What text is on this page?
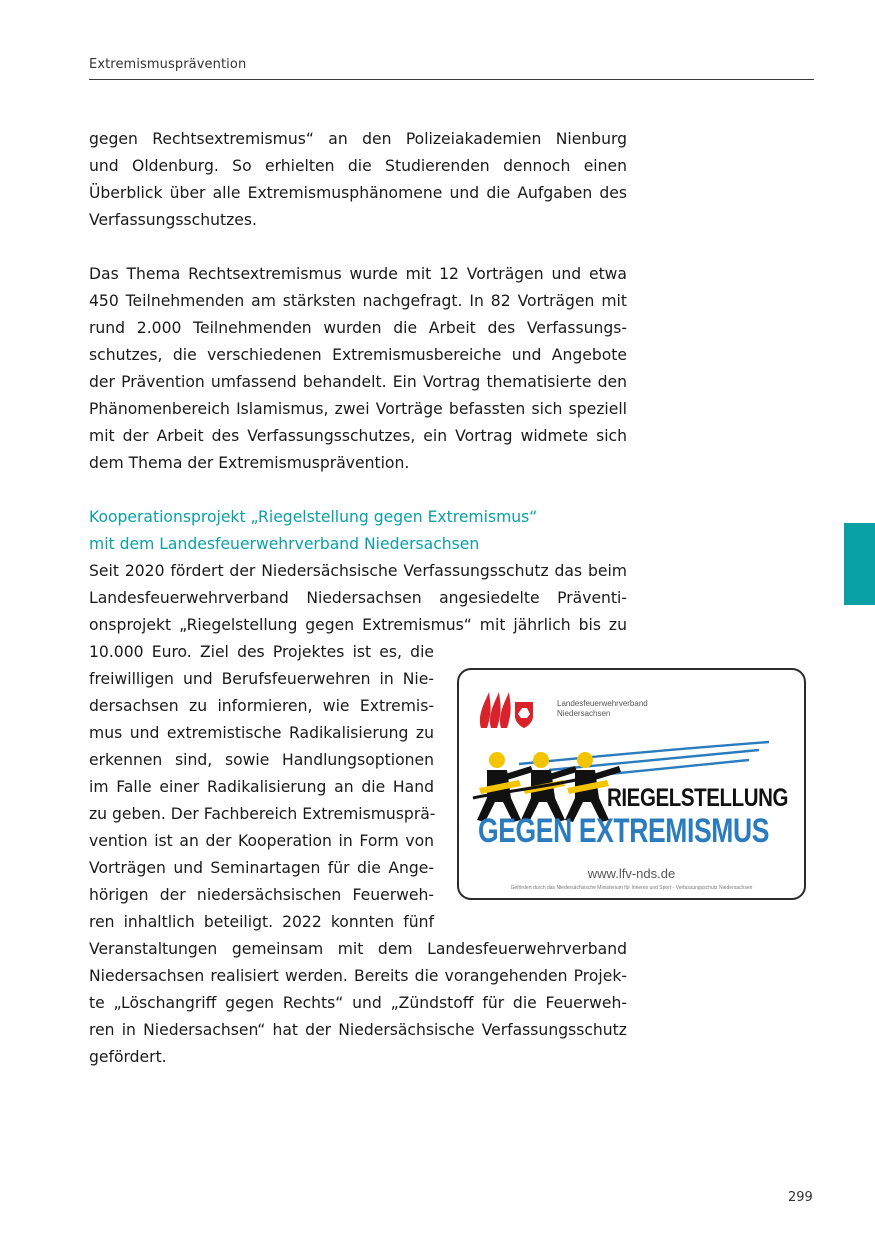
Extremismusprävention
gegen Rechtsextremismus“ an den Polizeiakademien Nienburg
und Oldenburg. So erhielten die Studierenden dennoch einen
Überblick über alle Extremismusphänomene und die Aufgaben des
Verfassungsschutzes.
Das Thema Rechtsextremismus wurde mit 12 Vorträgen und etwa
450 Teilnehmenden am stärksten nachgefragt. In 82 Vorträgen mit
rund 2.000 Teilnehmenden wurden die Arbeit des Verfassungs-
schutzes, die verschiedenen Extremismusbereiche und Angebote
der Prävention umfassend behandelt. Ein Vortrag thematisierte den
Phänomenbereich Islamismus, zwei Vorträge befassten sich speziell
mit der Arbeit des Verfassungsschutzes, ein Vortrag widmete sich
dem Thema der Extremismusprävention.
Kooperationsprojekt „Riegelstellung gegen Extremismus“
mit dem Landesfeuerwehrverband Niedersachsen
Seit 2020 fördert der Niedersächsische Verfassungsschutz das beim
Landesfeuerwehrverband Niedersachsen angesiedelte Präventi-
onsprojekt „Riegelstellung gegen Extremismus“ mit jährlich bis zu
10.000 Euro. Ziel des Projektes ist es, die
freiwilligen und Berufsfeuerwehren in Nie-
dersachsen zu informieren, wie Extremis-
mus und extremistische Radikalisierung zu
erkennen sind, sowie Handlungsoptionen
im Falle einer Radikalisierung an die Hand
zu geben. Der Fachbereich Extremismusprä-
vention ist an der Kooperation in Form von
Vorträgen und Seminartagen für die Ange-
hörigen der niedersächsischen Feuerweh-
ren inhaltlich beteiligt. 2022 konnten fünf
Veranstaltungen gemeinsam mit dem Landesfeuerwehrverband
Niedersachsen realisiert werden. Bereits die vorangehenden Projek-
te „Löschangriff gegen Rechts“ und „Zündstoff für die Feuerweh-
ren in Niedersachsen“ hat der Niedersächsische Verfassungsschutz
gefördert.
Landesfeuerwehrverband
Niedersachsen
RIEGELSTELLUNG
GEGEN EXTREMISMUS
www.lfv-nds.de
Gefördert durch das Niedersächsische Ministerium für Inneres und Sport - Verfassungsschutz Niedersachsen
299
